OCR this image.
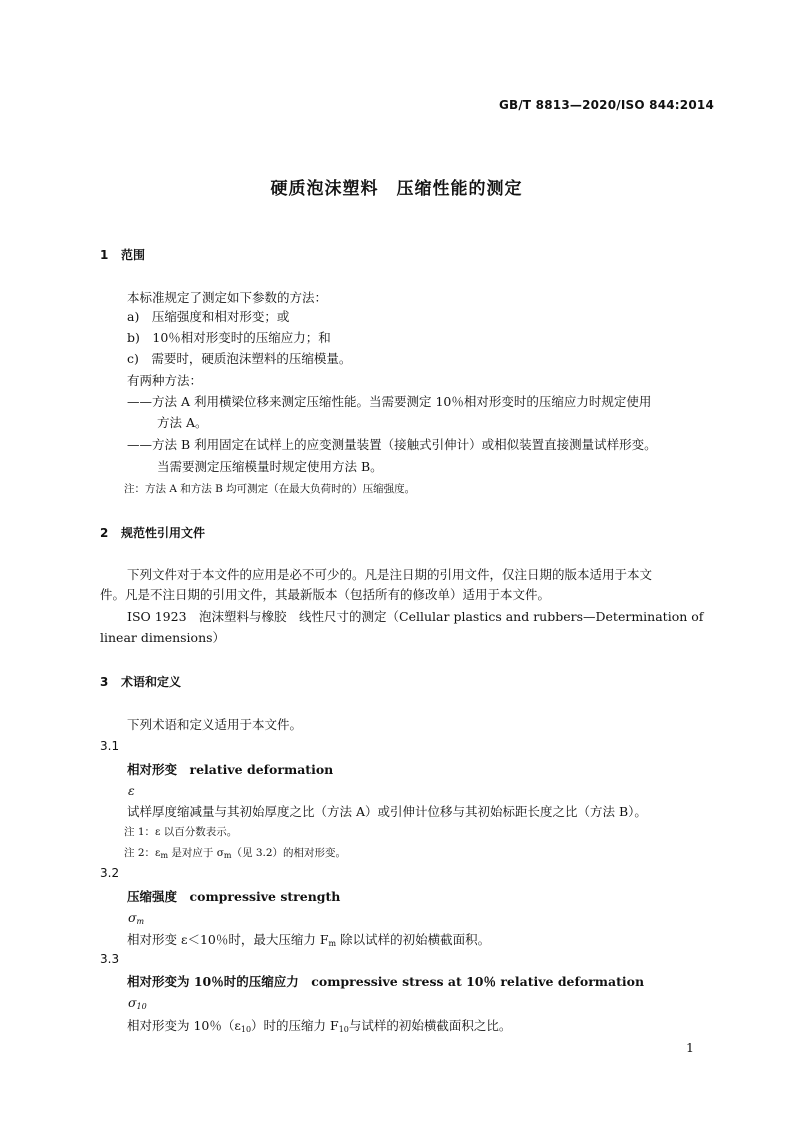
GB/T 8813—2020/ISO 844:2014
硬质泡沫塑料　压缩性能的测定
1 范围
本标准规定了测定如下参数的方法：
a)　压缩强度和相对形变；或
b)　10％相对形变时的压缩应力；和
c)　需要时，硬质泡沫塑料的压缩模量。
有两种方法：
——方法 A 利用横梁位移来测定压缩性能。当需要测定 10％相对形变时的压缩应力时规定使用
方法 A。
——方法 B 利用固定在试样上的应变测量装置（接触式引伸计）或相似装置直接测量试样形变。
当需要测定压缩模量时规定使用方法 B。
注：方法 A 和方法 B 均可测定（在最大负荷时的）压缩强度。
2 规范性引用文件
下列文件对于本文件的应用是必不可少的。凡是注日期的引用文件，仅注日期的版本适用于本文
件。凡是不注日期的引用文件，其最新版本（包括所有的修改单）适用于本文件。
ISO 1923　泡沫塑料与橡胶　线性尺寸的测定（Cellular plastics and rubbers—Determination of
linear dimensions）
3 术语和定义
下列术语和定义适用于本文件。
3.1
相对形变　relative deformation
ε
试样厚度缩减量与其初始厚度之比（方法 A）或引伸计位移与其初始标距长度之比（方法 B）。
注 1：ε 以百分数表示。
注 2：$\varepsilon_m$ 是对应于 $\sigma_m$（见 3.2）的相对形变。
3.2
压缩强度　compressive strength
$\sigma_m$
相对形变 ε＜10％时，最大压缩力 $F_m$ 除以试样的初始横截面积。
3.3
相对形变为 10％时的压缩应力　compressive stress at 10％ relative deformation
$\sigma_{10}$
相对形变为 10％$(\varepsilon_{10})$时的压缩力 $F_{10}$与试样的初始横截面积之比。
1
